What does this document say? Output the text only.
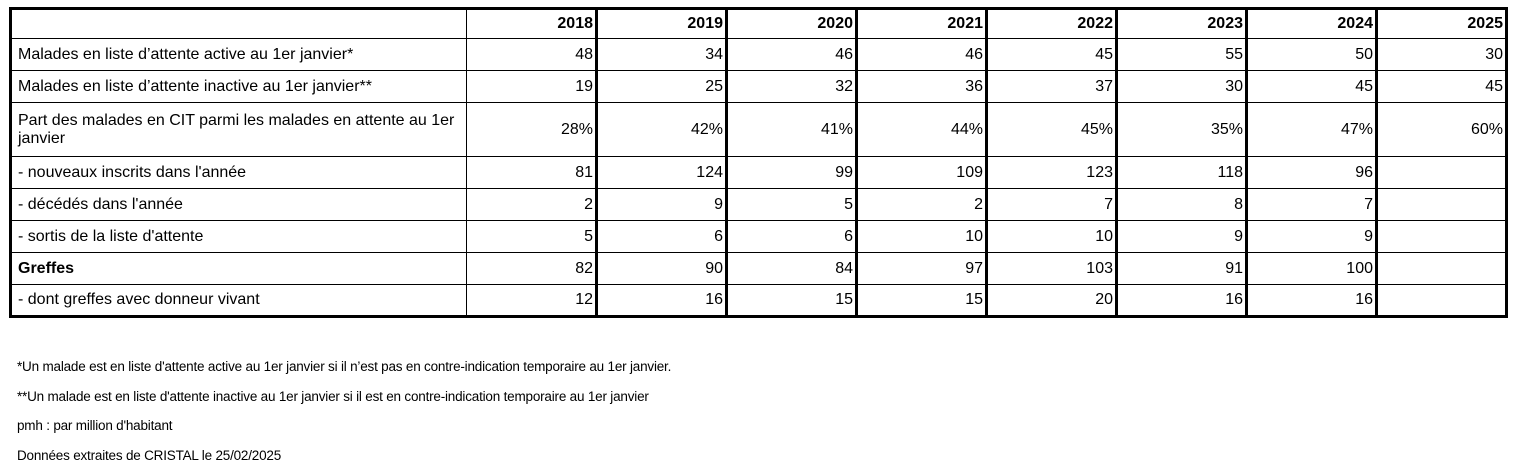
	2018	2019	2020	2021	2022	2023	2024	2025
Malades en liste d’attente active au 1er janvier*	48	34	46	46	45	55	50	30
Malades en liste d’attente inactive au 1er janvier**	19	25	32	36	37	30	45	45
Part des malades en CIT parmi les malades en attente au 1er janvier	28%	42%	41%	44%	45%	35%	47%	60%
- nouveaux inscrits dans l'année	81	124	99	109	123	118	96	
- décédés dans l'année	2	9	5	2	7	8	7	
- sortis de la liste d'attente	5	6	6	10	10	9	9	
Greffes	82	90	84	97	103	91	100	
- dont greffes avec donneur vivant	12	16	15	15	20	16	16	
*Un malade est en liste d'attente active au 1er janvier si il n’est pas en contre-indication temporaire au 1er janvier.
**Un malade est en liste d'attente inactive au 1er janvier si il est en contre-indication temporaire au 1er janvier
pmh : par million d'habitant
Données extraites de CRISTAL le 25/02/2025
